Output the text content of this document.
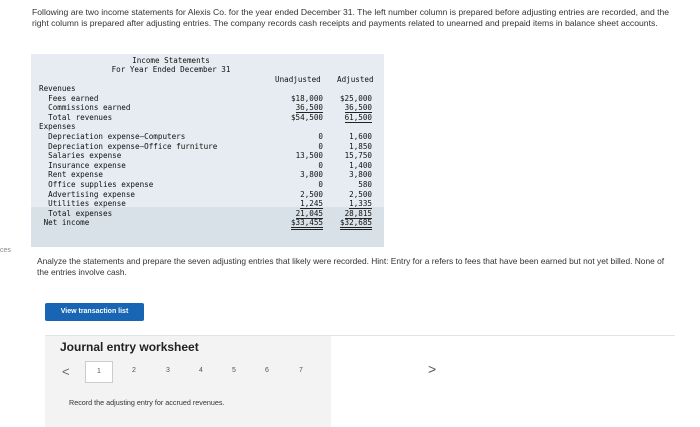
Following are two income statements for Alexis Co. for the year ended December 31. The left number column is prepared before adjusting entries are recorded, and the right column is prepared after adjusting entries. The company records cash receipts and payments related to unearned and prepaid items in balance sheet accounts.
ces
Income Statements
For Year Ended December 31
Unadjusted Adjusted
Revenues
Fees earned	$18,000 $25,000
Commissions earned	36,500	36,500
Total revenues	$54,500	61,500
Expenses
Depreciation expense—Computers	0	1,600
Depreciation expense—Office furniture	0	1,850
Salaries expense	13,500	15,750
Insurance expense	0	1,400
Rent expense	3,800	3,800
Office supplies expense	0	580
Advertising expense	2,500	2,500
Utilities expense	1,245	1,335
Total expenses	21,045	28,815
Net income	$33,455 $32,685
Analyze the statements and prepare the seven adjusting entries that likely were recorded. Hint: Entry for a refers to fees that have been earned but not yet billed. None of the entries involve cash.
View transaction list
Journal entry worksheet
<	1	2	3	4	5	6	7
Record the adjusting entry for accrued revenues.
>
